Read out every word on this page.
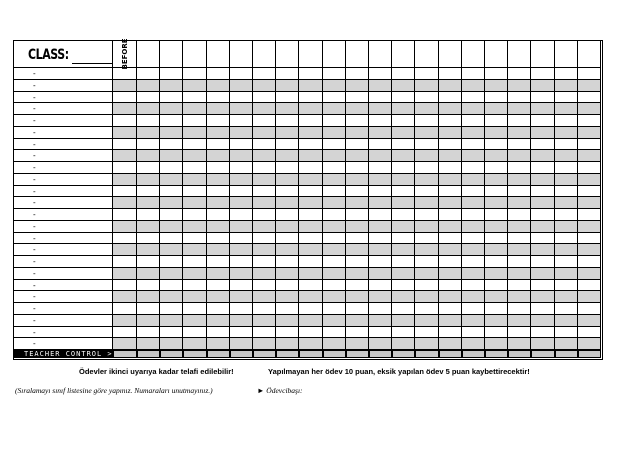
CLASS:	BEFORE
-
-
-
-
-
-
-
-
-
-
-
-
-
-
-
-
-
-
-
-
-
-
-
-
TEACHER CONTROL >
Ödevler ikinci uyarıya kadar telafi edilebilir!	Yapılmayan her ödev 10 puan, eksik yapılan ödev 5 puan kaybettirecektir!
(Sıralamayı sınıf listesine göre yapınız. Numaraları unutmayınız.)	► Ödevcibaşı:
